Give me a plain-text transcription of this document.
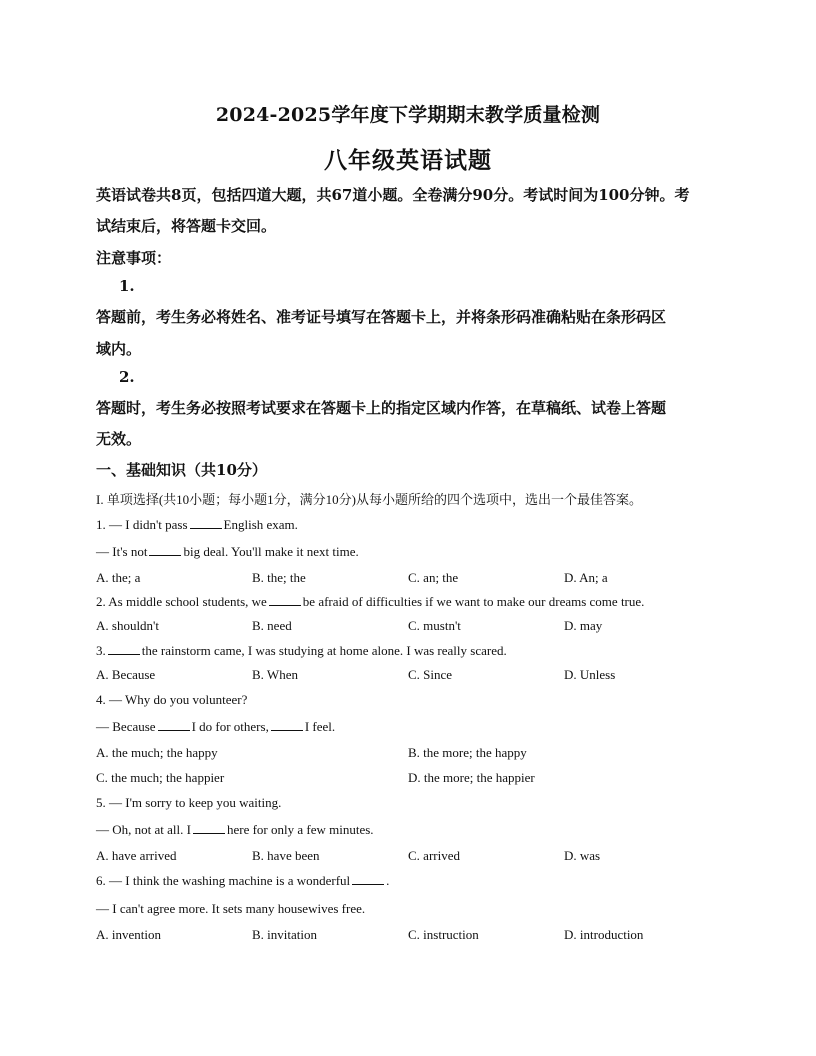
2024-2025学年度下学期期末教学质量检测
八年级英语试题
英语试卷共8页，包括四道大题，共67道小题。全卷满分90分。考试时间为100分钟。考
试结束后，将答题卡交回。
注意事项：
1.
答题前，考生务必将姓名、准考证号填写在答题卡上，并将条形码准确粘贴在条形码区
域内。
2.
答题时，考生务必按照考试要求在答题卡上的指定区域内作答，在草稿纸、试卷上答题
无效。
一、基础知识（共10分）
I. 单项选择(共10小题；每小题1分，满分10分)从每小题所给的四个选项中，选出一个最佳答案。
1. — I didn't pass	English exam.
— It's not	big deal. You'll make it next time.
A. the; a	B. the; the	C. an; the	D. An; a
2. As middle school students, we	be afraid of difficulties if we want to make our dreams come true.
A. shouldn't	B. need	C. mustn't	D. may
3.	the rainstorm came, I was studying at home alone. I was really scared.
A. Because	B. When	C. Since	D. Unless
4. — Why do you volunteer?
— Because	I do for others,	I feel.
A. the much; the happy	B. the more; the happy
C. the much; the happier	D. the more; the happier
5. — I'm sorry to keep you waiting.
— Oh, not at all. I	here for only a few minutes.
A. have arrived	B. have been	C. arrived	D. was
6. — I think the washing machine is a wonderful	.
— I can't agree more. It sets many housewives free.
A. invention	B. invitation	C. instruction	D. introduction
